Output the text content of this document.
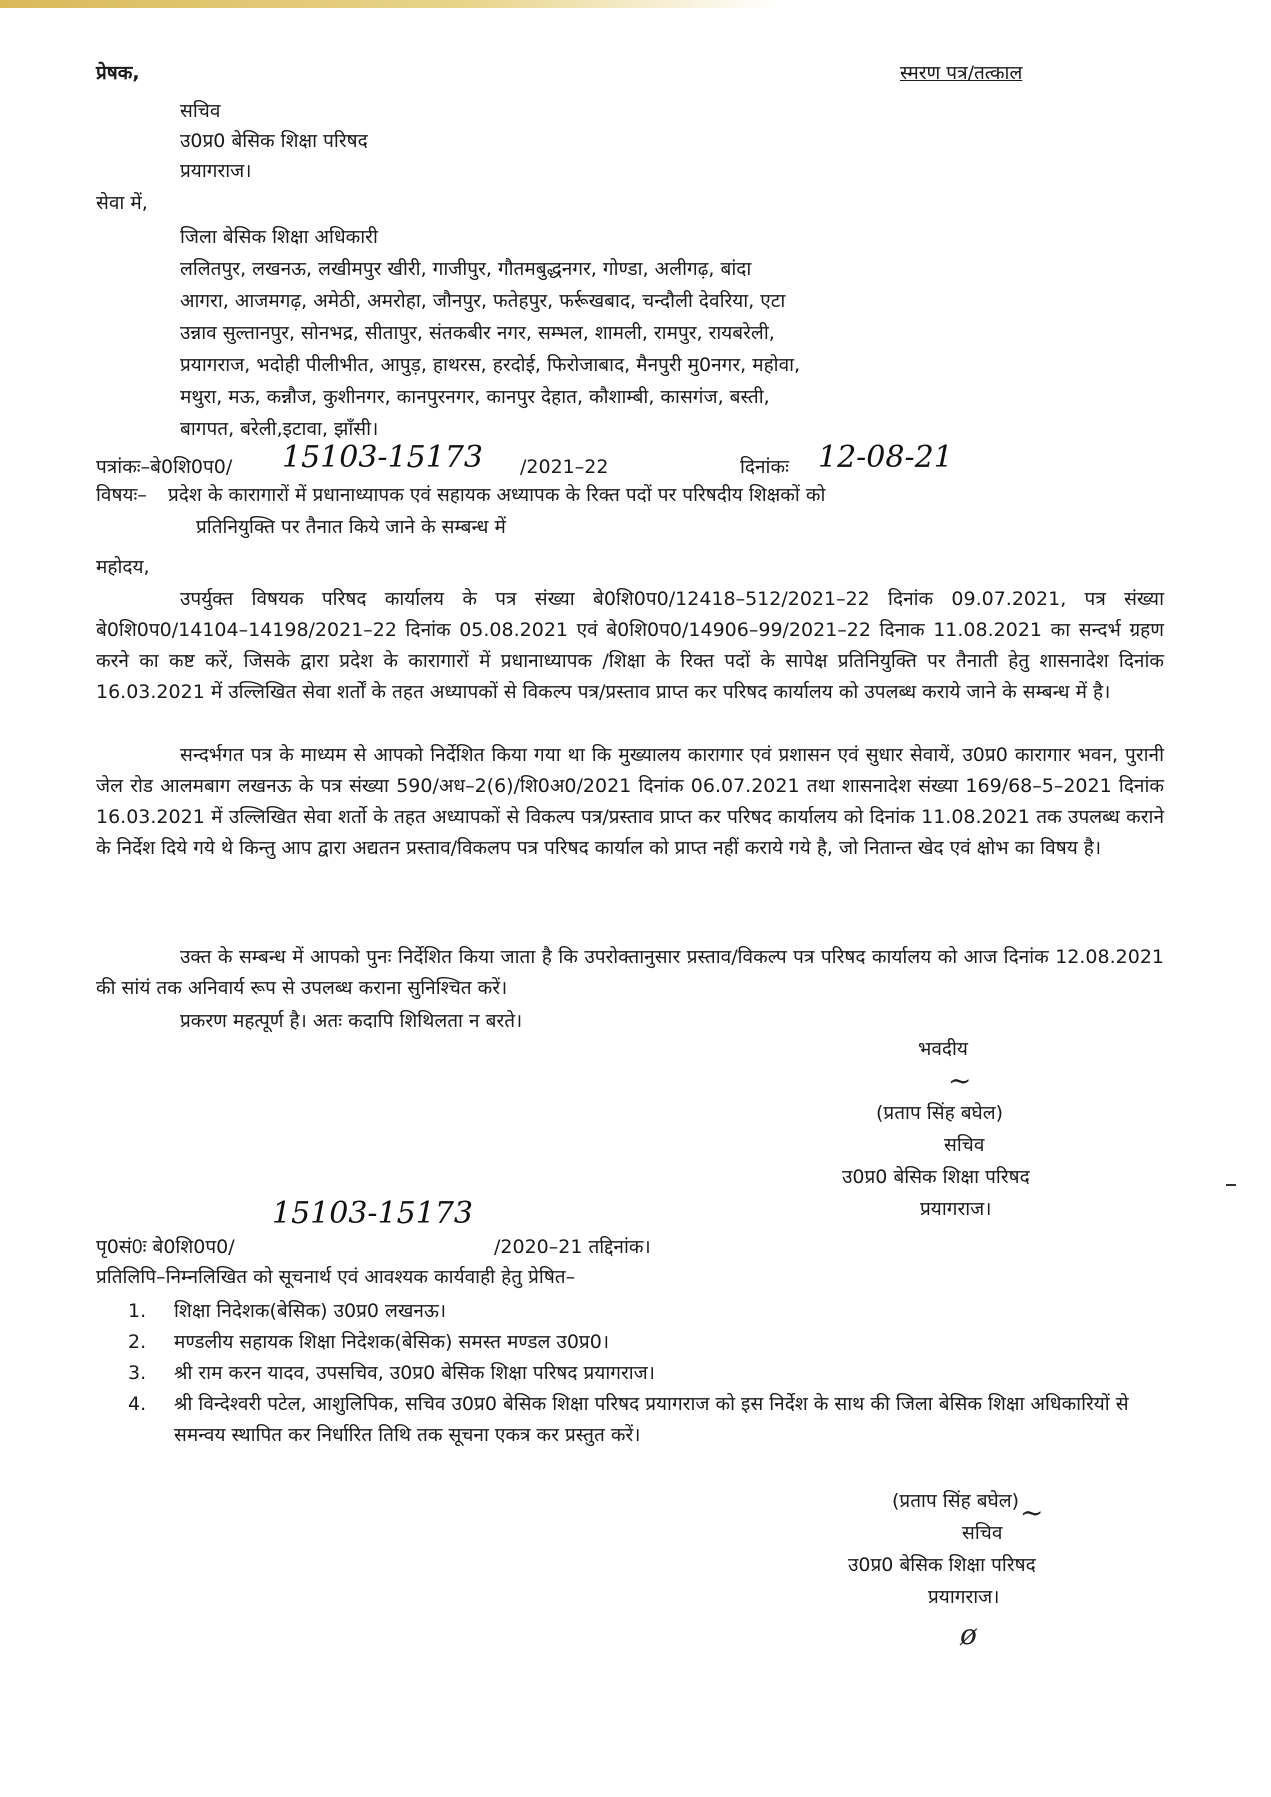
प्रेषक,	स्मरण पत्र/तत्काल
सचिव
उ0प्र0 बेसिक शिक्षा परिषद
प्रयागराज।
सेवा में,
जिला बेसिक शिक्षा अधिकारी
ललितपुर, लखनऊ, लखीमपुर खीरी, गाजीपुर, गौतमबुद्धनगर, गोण्डा, अलीगढ़, बांदा
आगरा, आजमगढ़, अमेठी, अमरोहा, जौनपुर, फतेहपुर, फर्रूखबाद, चन्दौली देवरिया, एटा
उन्नाव सुल्तानपुर, सोनभद्र, सीतापुर, संतकबीर नगर, सम्भल, शामली, रामपुर, रायबरेली,
प्रयागराज, भदोही पीलीभीत, आपुड़, हाथरस, हरदोई, फिरोजाबाद, मैनपुरी मु0नगर, महोवा,
मथुरा, मऊ, कन्नौज, कुशीनगर, कानपुरनगर, कानपुर देहात, कौशाम्बी, कासगंज, बस्ती,
बागपत, बरेली,इटावा, झाँसी।
पत्रांकः–बे0शि0प0/ 15103-15173 /2021–22	दिनांकः 12-08-21
विषयः– प्रदेश के कारागारों में प्रधानाध्यापक एवं सहायक अध्यापक के रिक्त पदों पर परिषदीय शिक्षकों को
प्रतिनियुक्ति पर तैनात किये जाने के सम्बन्ध में
महोदय,
उपर्युक्त विषयक परिषद कार्यालय के पत्र संख्या बे0शि0प0/12418–512/2021–22 दिनांक 09.07.2021, पत्र संख्या बे0शि0प0/14104–14198/2021–22 दिनांक 05.08.2021 एवं बे0शि0प0/14906–99/2021–22 दिनाक 11.08.2021 का सन्दर्भ ग्रहण करने का कष्ट करें, जिसके द्वारा प्रदेश के कारागारों में प्रधानाध्यापक /शिक्षा के रिक्त पदों के सापेक्ष प्रतिनियुक्ति पर तैनाती हेतु शासनादेश दिनांक 16.03.2021 में उल्लिखित सेवा शर्तों के तहत अध्यापकों से विकल्प पत्र/प्रस्ताव प्राप्त कर परिषद कार्यालय को उपलब्ध कराये जाने के सम्बन्ध में है।
सन्दर्भगत पत्र के माध्यम से आपको निर्देशित किया गया था कि मुख्यालय कारागार एवं प्रशासन एवं सुधार सेवायें, उ0प्र0 कारागार भवन, पुरानी जेल रोड आलमबाग लखनऊ के पत्र संख्या 590/अध–2(6)/शि0अ0/2021 दिनांक 06.07.2021 तथा शासनादेश संख्या 169/68–5–2021 दिनांक 16.03.2021 में उल्लिखित सेवा शर्तो के तहत अध्यापकों से विकल्प पत्र/प्रस्ताव प्राप्त कर परिषद कार्यालय को दिनांक 11.08.2021 तक उपलब्ध कराने के निर्देश दिये गये थे किन्तु आप द्वारा अद्यतन प्रस्ताव/विकलप पत्र परिषद कार्याल को प्राप्त नहीं कराये गये है, जो नितान्त खेद एवं क्षोभ का विषय है।
उक्त के सम्बन्ध में आपको पुनः निर्देशित किया जाता है कि उपरोक्तानुसार प्रस्ताव/विकल्प पत्र परिषद कार्यालय को आज दिनांक 12.08.2021 की सांयं तक अनिवार्य रूप से उपलब्ध कराना सुनिश्चित करें।
प्रकरण महत्पूर्ण है। अतः कदापि शिथिलता न बरते।
भवदीय
~
(प्रताप सिंह बघेल)
सचिव
उ0प्र0 बेसिक शिक्षा परिषद
प्रयागराज।
पृ0सं0ः बे0शि0प0/
15103-15173
/2020–21 तद्दिनांक।
प्रतिलिपि–निम्नलिखित को सूचनार्थ एवं आवश्यक कार्यवाही हेतु प्रेषित–
1.	शिक्षा निदेशक(बेसिक) उ0प्र0 लखनऊ।
2.	मण्डलीय सहायक शिक्षा निदेशक(बेसिक) समस्त मण्डल उ0प्र0।
3.	श्री राम करन यादव, उपसचिव, उ0प्र0 बेसिक शिक्षा परिषद प्रयागराज।
4.	श्री विन्देश्वरी पटेल, आशुलिपिक, सचिव उ0प्र0 बेसिक शिक्षा परिषद प्रयागराज को इस निर्देश के साथ की जिला बेसिक शिक्षा अधिकारियों से समन्वय स्थापित कर निर्धारित तिथि तक सूचना एकत्र कर प्रस्तुत करें।
(प्रताप सिंह बघेल) ~
सचिव
उ0प्र0 बेसिक शिक्षा परिषद
प्रयागराज।
ø
